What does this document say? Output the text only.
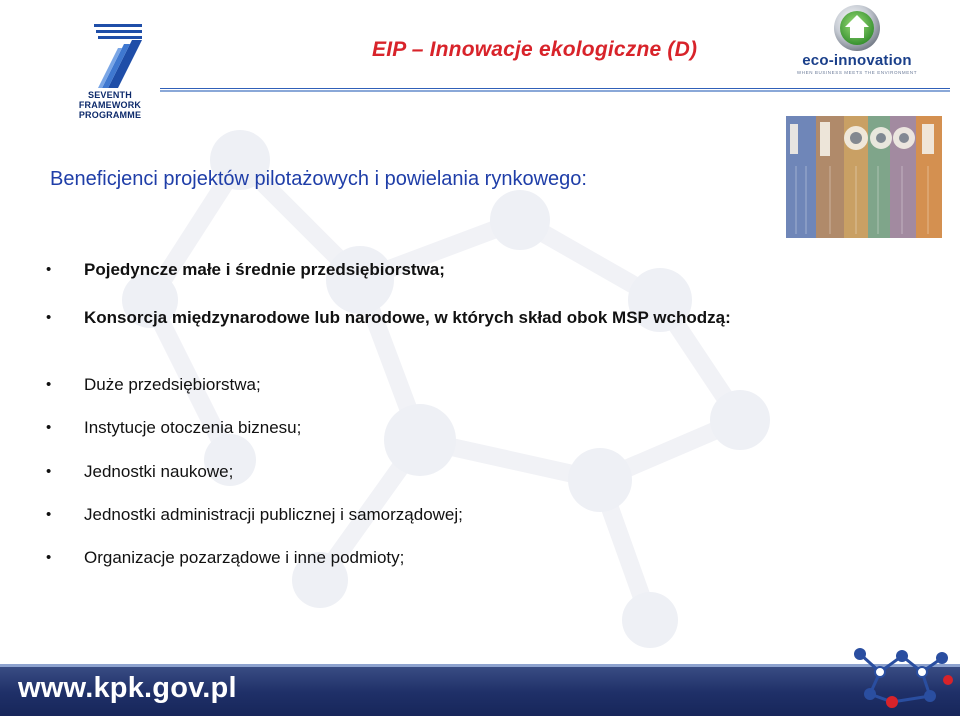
SEVENTH FRAMEWORK
PROGRAMME
EIP – Innowacje ekologiczne (D)	eco-innovation
WHEN BUSINESS MEETS THE ENVIRONMENT
Beneficjenci projektów pilotażowych i powielania rynkowego:
• Pojedyncze małe i średnie przedsiębiorstwa;
• Konsorcja międzynarodowe lub narodowe, w których skład obok MSP wchodzą:
• Duże przedsiębiorstwa;
• Instytucje otoczenia biznesu;
• Jednostki naukowe;
• Jednostki administracji publicznej i samorządowej;
• Organizacje pozarządowe i inne podmioty;
www.kpk.gov.pl
